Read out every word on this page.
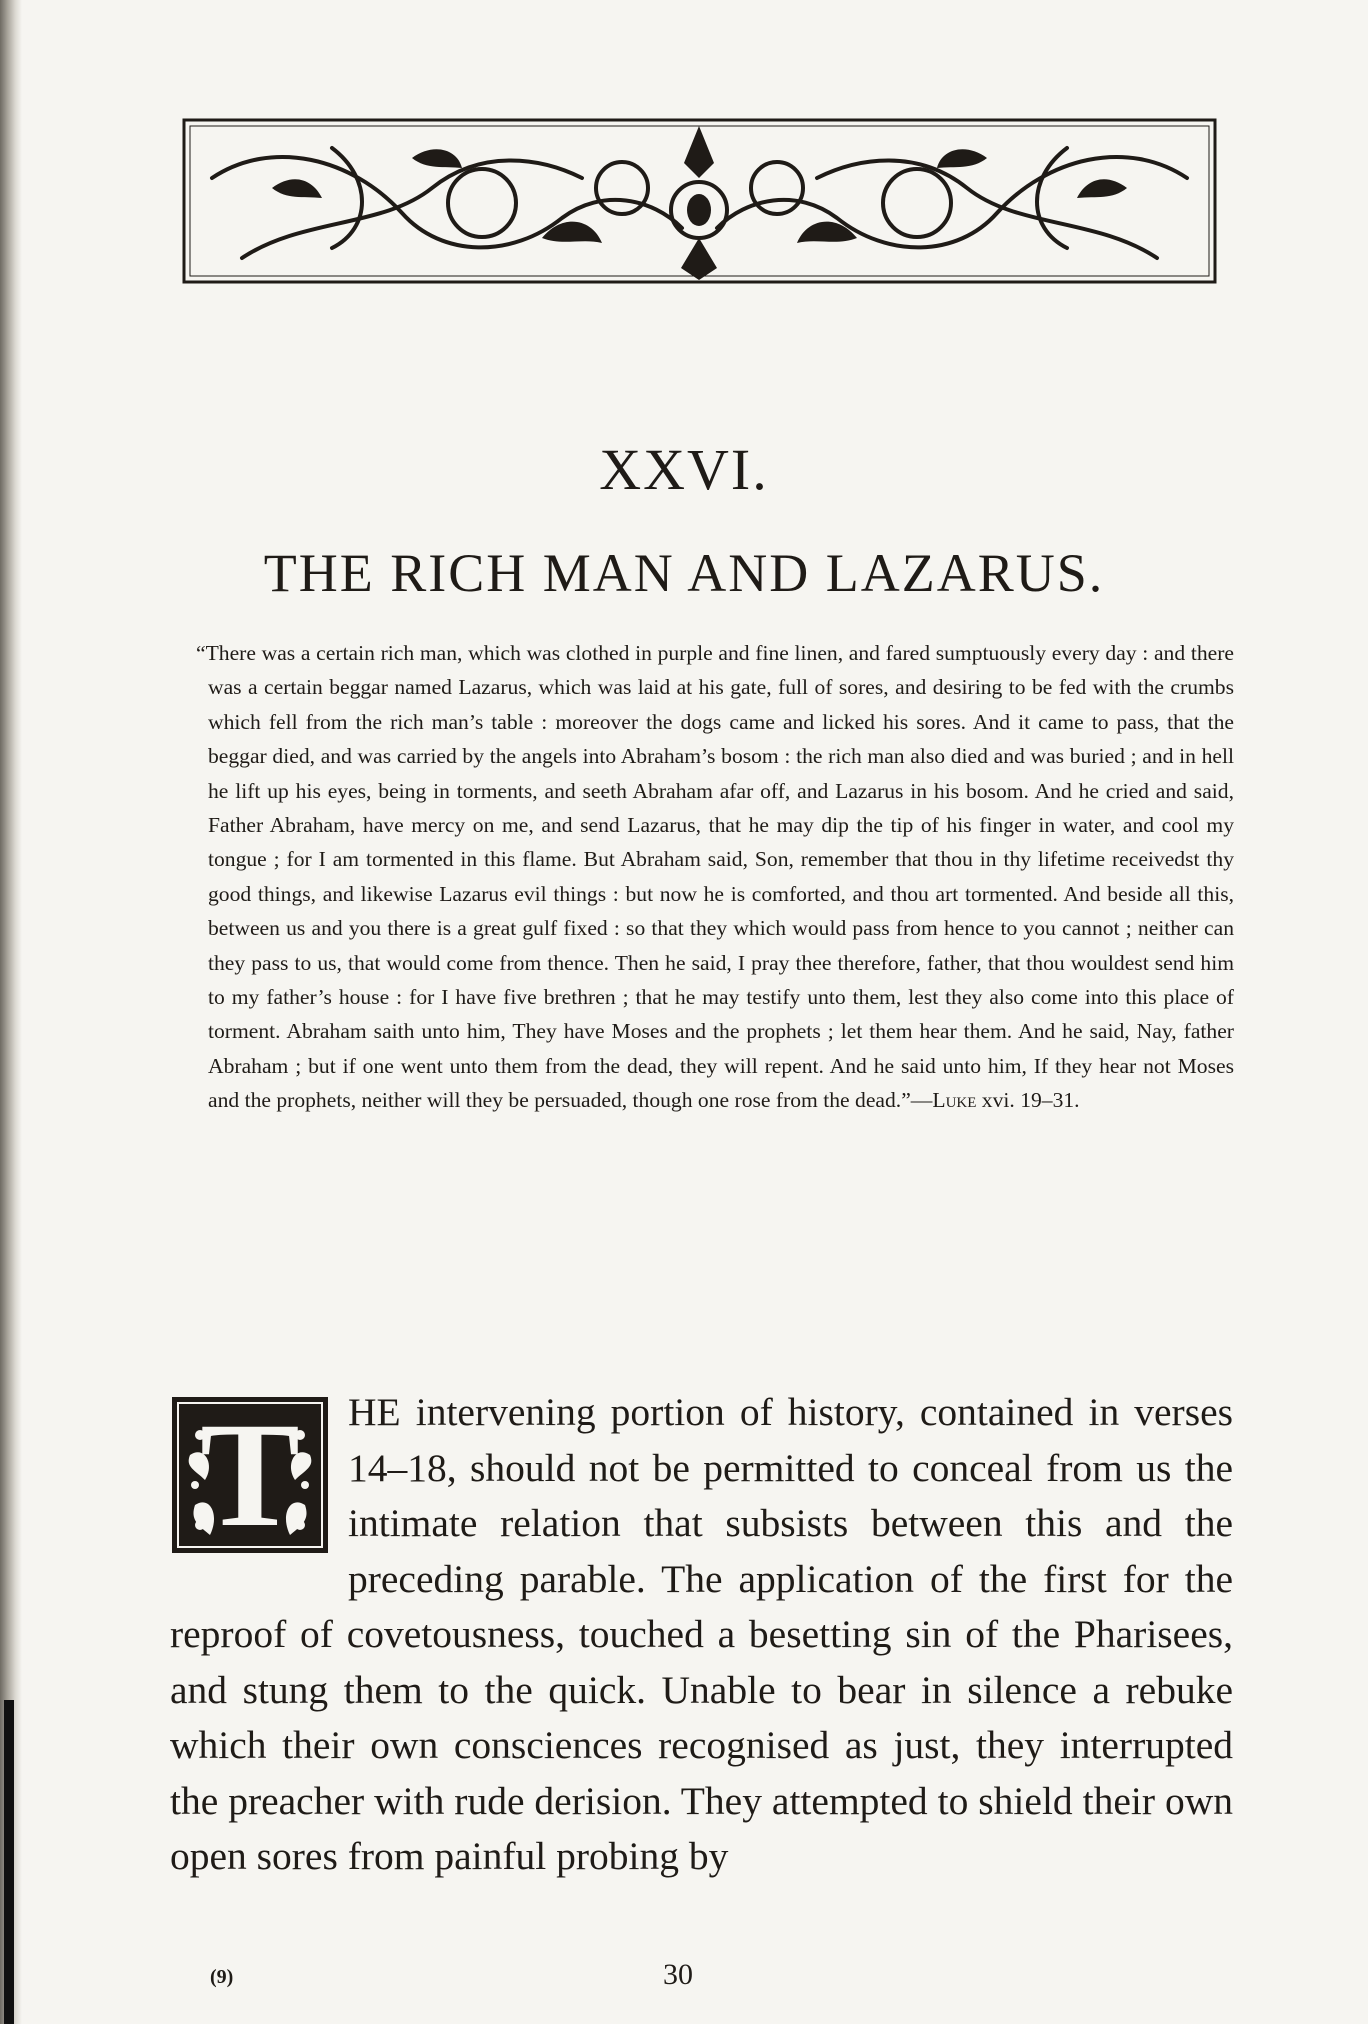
XXVI.
THE RICH MAN AND LAZARUS.

“There was a certain rich man, which was clothed in purple and fine linen, and fared sumptuously every day : and there was a certain beggar named Lazarus, which was laid at his gate, full of sores, and desiring to be fed with the crumbs which fell from the rich man’s table : moreover the dogs came and licked his sores. And it came to pass, that the beggar died, and was carried by the angels into Abraham’s bosom : the rich man also died and was buried ; and in hell he lift up his eyes, being in torments, and seeth Abraham afar off, and Lazarus in his bosom. And he cried and said, Father Abraham, have mercy on me, and send Lazarus, that he may dip the tip of his finger in water, and cool my tongue ; for I am tormented in this flame. But Abraham said, Son, remember that thou in thy lifetime receivedst thy good things, and likewise Lazarus evil things : but now he is comforted, and thou art tormented. And beside all this, between us and you there is a great gulf fixed : so that they which would pass from hence to you cannot ; neither can they pass to us, that would come from thence. Then he said, I pray thee therefore, father, that thou wouldest send him to my father’s house : for I have five brethren ; that he may testify unto them, lest they also come into this place of torment. Abraham saith unto him, They have Moses and the prophets ; let them hear them. And he said, Nay, father Abraham ; but if one went unto them from the dead, they will repent. And he said unto him, If they hear not Moses and the prophets, neither will they be persuaded, though one rose from the dead.”—Luke xvi. 19–31.

T HE intervening portion of history, contained in verses 14–18, should not be permitted to conceal from us the intimate relation that subsists between this and the preceding parable. The application of the first for the reproof of covetousness, touched a besetting sin of the Pharisees, and stung them to the quick. Unable to bear in silence a rebuke which their own consciences recognised as just, they interrupted the preacher with rude derision. They attempted to shield their own open sores from painful probing by

(9)	30
